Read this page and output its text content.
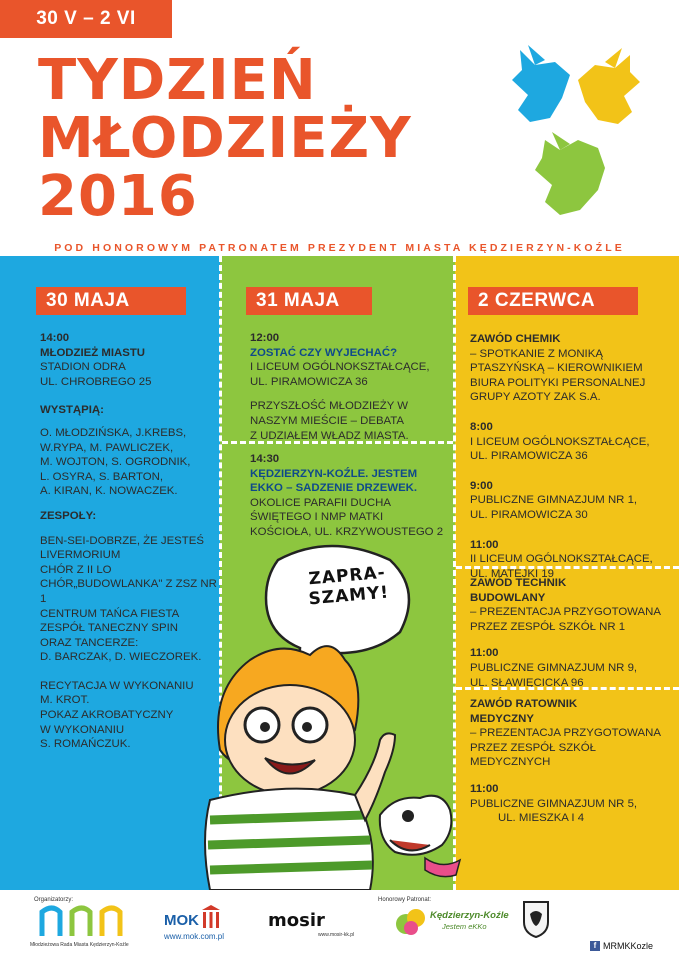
30 V – 2 VI
TYDZIEŃ
MŁODZIEŻY
2016
POD HONOROWYM PATRONATEM PREZYDENT MIASTA KĘDZIERZYN-KOŹLE
30 MAJA	31 MAJA	2 CZERWCA

14:00

MŁODZIEŻ MIASTU

STADION ODRA

UL. CHROBREGO 25

WYSTĄPIĄ:

O. MŁODZIŃSKA, J.KREBS,

W.RYPA, M. PAWLICZEK,

M. WOJTON, S. OGRODNIK,

L. OSYRA, S. BARTON,

A. KIRAN, K. NOWACZEK.

ZESPOŁY:

BEN-SEI-DOBRZE, ŻE JESTEŚ

LIVERMORIUM

CHÓR Z II LO

CHÓR„BUDOWLANKA" Z ZSZ NR 1

CENTRUM TAŃCA FIESTA

ZESPÓŁ TANECZNY SPIN

ORAZ TANCERZE:

D. BARCZAK, D. WIECZOREK.

RECYTACJA W WYKONANIU

M. KROT.

POKAZ AKROBATYCZNY

W WYKONANIU

S. ROMAŃCZUK.

12:00

ZOSTAĆ CZY WYJECHAĆ?

I LICEUM OGÓLNOKSZTAŁCĄCE,

UL. PIRAMOWICZA 36

PRZYSZŁOŚĆ MŁODZIEŻY W

NASZYM MIEŚCIE – DEBATA

Z UDZIAŁEM WŁADZ MIASTA.

14:30

KĘDZIERZYN-KOŹLE. JESTEM

EKKO – SADZENIE DRZEWEK.

OKOLICE PARAFII DUCHA

ŚWIĘTEGO I NMP MATKI

KOŚCIOŁA, UL. KRZYWOUSTEGO 2

ZAWÓD CHEMIK

– SPOTKANIE Z MONIKĄ

PTASZYŃSKĄ – KIEROWNIKIEM

BIURA POLITYKI PERSONALNEJ

GRUPY AZOTY ZAK S.A.

8:00

I LICEUM OGÓLNOKSZTAŁCĄCE,

UL. PIRAMOWICZA 36

9:00

PUBLICZNE GIMNAZJUM NR 1,

UL. PIRAMOWICZA 30

11:00

II LICEUM OGÓLNOKSZTAŁCĄCE,

UL. MATEJKI 19

ZAWÓD TECHNIK

BUDOWLANY

– PREZENTACJA PRZYGOTOWANA

PRZEZ ZESPÓŁ SZKÓŁ NR 1

11:00

PUBLICZNE GIMNAZJUM NR 9,

UL. SŁAWIĘCICKA 96

ZAWÓD RATOWNIK

MEDYCZNY

– PREZENTACJA PRZYGOTOWANA

PRZEZ ZESPÓŁ SZKÓŁ MEDYCZNYCH

11:00

PUBLICZNE GIMNAZJUM NR 5,

UL. MIESZKA I 4

ZAPRA-
SZAMY!
Organizatorzy:
Młodzieżowa Rada Miasta Kędzierzyn-Koźle
MOK
www.mok.com.pl
mosir
www.mosir-kk.pl
Honorowy Patronat:
Kędzierzyn-Koźle
Jestem eKKo
f MRMKKozle
